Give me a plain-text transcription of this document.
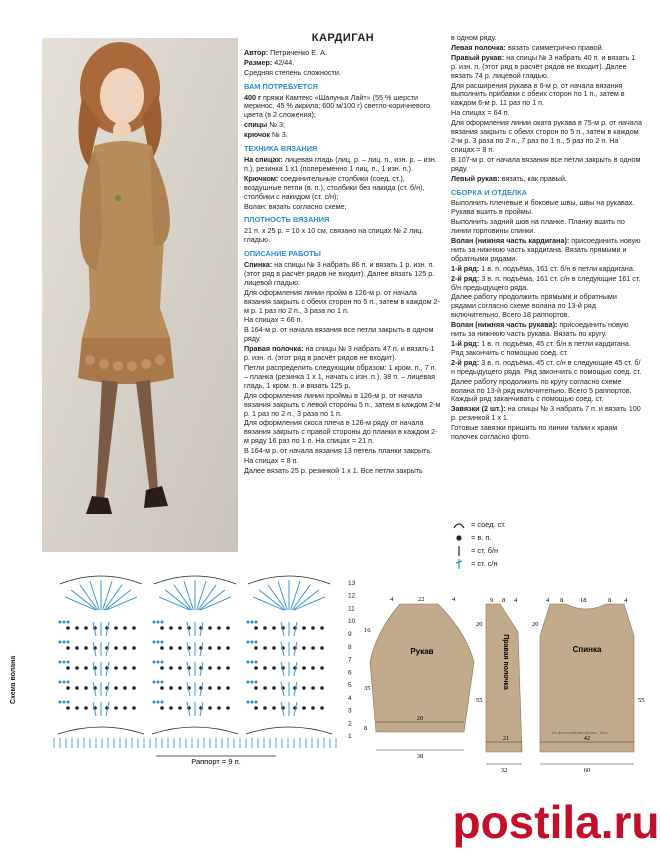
КАРДИГАН
Автор: Петриченко Е. А.
Размер: 42/44.
Средняя степень сложности.
ВАМ ПОТРЕБУЕТСЯ
400 г пряжи Камтекс «Шалунья Лайт» (55 % шерсти меринос, 45 % акрила; 600 м/100 г) светло-коричневого цвета (в 2 сложения);
спицы № 3;
крючок № 3.
ТЕХНИКА ВЯЗАНИЯ
На спицах: лицевая гладь (лиц. р. – лиц. п., изн. р. – изн. п.), резинка 1 х1 (попеременно 1 лиц. п., 1 изн. п.).
Крючком: соединительные столбики (соед. ст.), воздушные петли (в. п.), столбики без накида (ст. б/н), столбики с накидом (ст. с/н);
Волан: вязать согласно схеме;
ПЛОТНОСТЬ ВЯЗАНИЯ
21 п. х 25 р. = 10 х 10 см, связано на спицах № 2 лиц. гладью.
ОПИСАНИЕ РАБОТЫ
Спинка: на спицы № 3 набрать 86 п. и вязать 1 р. изн. п. (этот ряд в расчёт рядов не входит). Далее вязать 125 р. лицевой гладью.
Для оформления линии пройм в 126-м р. от начала вязания закрыть с обеих сторон по 5 п., затем в каждом 2-м р. 1 раз по 2 п., 3 раза по 1 п.
На спицах = 66 п.
В 164-м р. от начала вязания все петли закрыть в одном ряду.
Правая полочка: на спицы № 3 набрать 47 п. и вязать 1 р. изн. п. (этот ряд в расчёт рядов не входит).
Петли распределить следующим образом: 1 кром. п., 7 п. – планка (резинка 1 х 1, начать с изн. п.), 38 п. – лицевая гладь, 1 кром. п. и вязать 125 р.
Для оформления линии проймы в 126-м р. от начала вязания закрыть с левой стороны 5 п., затем в каждом 2-м р. 1 раз по 2 п., 3 раза по 1 п.
Для оформления скоса плеча в 126-м ряду от начала вязания закрыть с правой стороны до планки в каждом 2-м ряду 16 раз по 1 п. На спицах = 21 п.
В 164-м р. от начала вязания 13 петель планки закрыть.
На спицах = 8 п.
Далее вязать 25 р. резинкой 1 х 1. Все петли закрыть
в одном ряду.
Левая полочка: вязать симметрично правой.
Правый рукав: на спицы № 3 набрать 40 п. и вязать 1 р. изн. п. (этот ряд в расчёт рядов не входит). Далее вязать 74 р. лицевой гладью.
Для расширения рукава в 6-м р. от начала вязания выполнить прибавки с обеих сторон по 1 п., затем в каждом 6-м р. 11 раз по 1 п.
На спицах = 64 п.
Для оформления линии оката рукава в 75-м р. от начала вязания закрыть с обеих сторон по 5 п., затем в каждом 2-м р. 3 раза по 2 п., 7 раз по 1 п., 5 раз по 2 п. На спицах = 8 п.
В 107-м р. от начала вязания все петли закрыть в одном ряду.
Левый рукав: вязать, как правый.
СБОРКА И ОТДЕЛКА
Выполнить плечевые и боковые швы, швы на рукавах. Рукава вшить в проймы.
Выполнить задний шов на планке. Планку вшить по линии горловины спинки.
Волан (нижняя часть кардигана): присоединить новую нить за нижнюю часть кардигана. Вязать прямыми и обратными рядами.
1-й ряд: 1 в. п. подъёма, 161 ст. б/н в петли кардигана.
2-й ряд: 3 в. п. подъёма, 161 ст. с/н в следующие 161 ст. б/н предыдущего ряда.
Далее работу продолжить прямыми и обратными рядами согласно схеме волана по 13-й ряд включительно. Всего 18 раппортов.
Волан (нижняя часть рукава): присоединить новую нить за нижнюю часть рукава. Вязать по кругу.
1-й ряд: 1 в. п. подъёма, 45 ст. б/н в петли кардигана. Ряд закончить с помощью соед. ст.
2-й ряд: 3 в. п. подъёма, 45 ст. с/н в следующие 45 ст. б/н предыдущего ряда. Ряд закончить с помощью соед. ст.
Далее работу продолжить по кругу согласно схеме волана по 13-й ряд включительно. Всего 5 раппортов. Каждый ряд заканчивать с помощью соед. ст.
Завязки (2 шт.): на спицы № 3 набрать 7 п. и вязать 100 р. резинкой 1 х 1.
Готовые завязки пришить по линии талии к краям полочек согласно фото.
= соед. ст.
= в. п.
= ст. б/н
= ст. с/н
13
12
11
10
9
8
7
6
5
4
3
2
1
Раппорт = 9 п.
Схема волана
Рукав
20
4	22	4
16
35
8
38
9 8 4
20
55
21
Правая полочка
32
Спинка
42
4 8	18	8 4
20
55
Из фотоальбома Ирины_Тати
60
postila.ru
